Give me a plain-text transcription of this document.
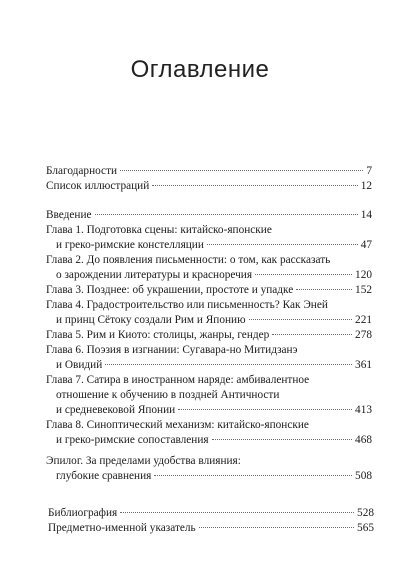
Оглавление
Благодарности	7
Список иллюстраций	12
Введение	14
Глава 1. Подготовка сцены: китайско-японские
и греко-римские констелляции	47
Глава 2. До появления письменности: о том, как рассказать
о зарождении литературы и красноречия	120
Глава 3. Позднее: об украшении, простоте и упадке	152
Глава 4. Градостроительство или письменность? Как Эней
и принц Сётоку создали Рим и Японию	221
Глава 5. Рим и Киото: столицы, жанры, гендер	278
Глава 6. Поэзия в изгнании: Сугавара-но Митидзанэ
и Овидий	361
Глава 7. Сатира в иностранном наряде: амбивалентное
отношение к обучению в поздней Античности
и средневековой Японии	413
Глава 8. Синоптический механизм: китайско-японские
и греко-римские сопоставления	468
Эпилог. За пределами удобства влияния:
глубокие сравнения	508
Библиография	528
Предметно-именной указатель	565
